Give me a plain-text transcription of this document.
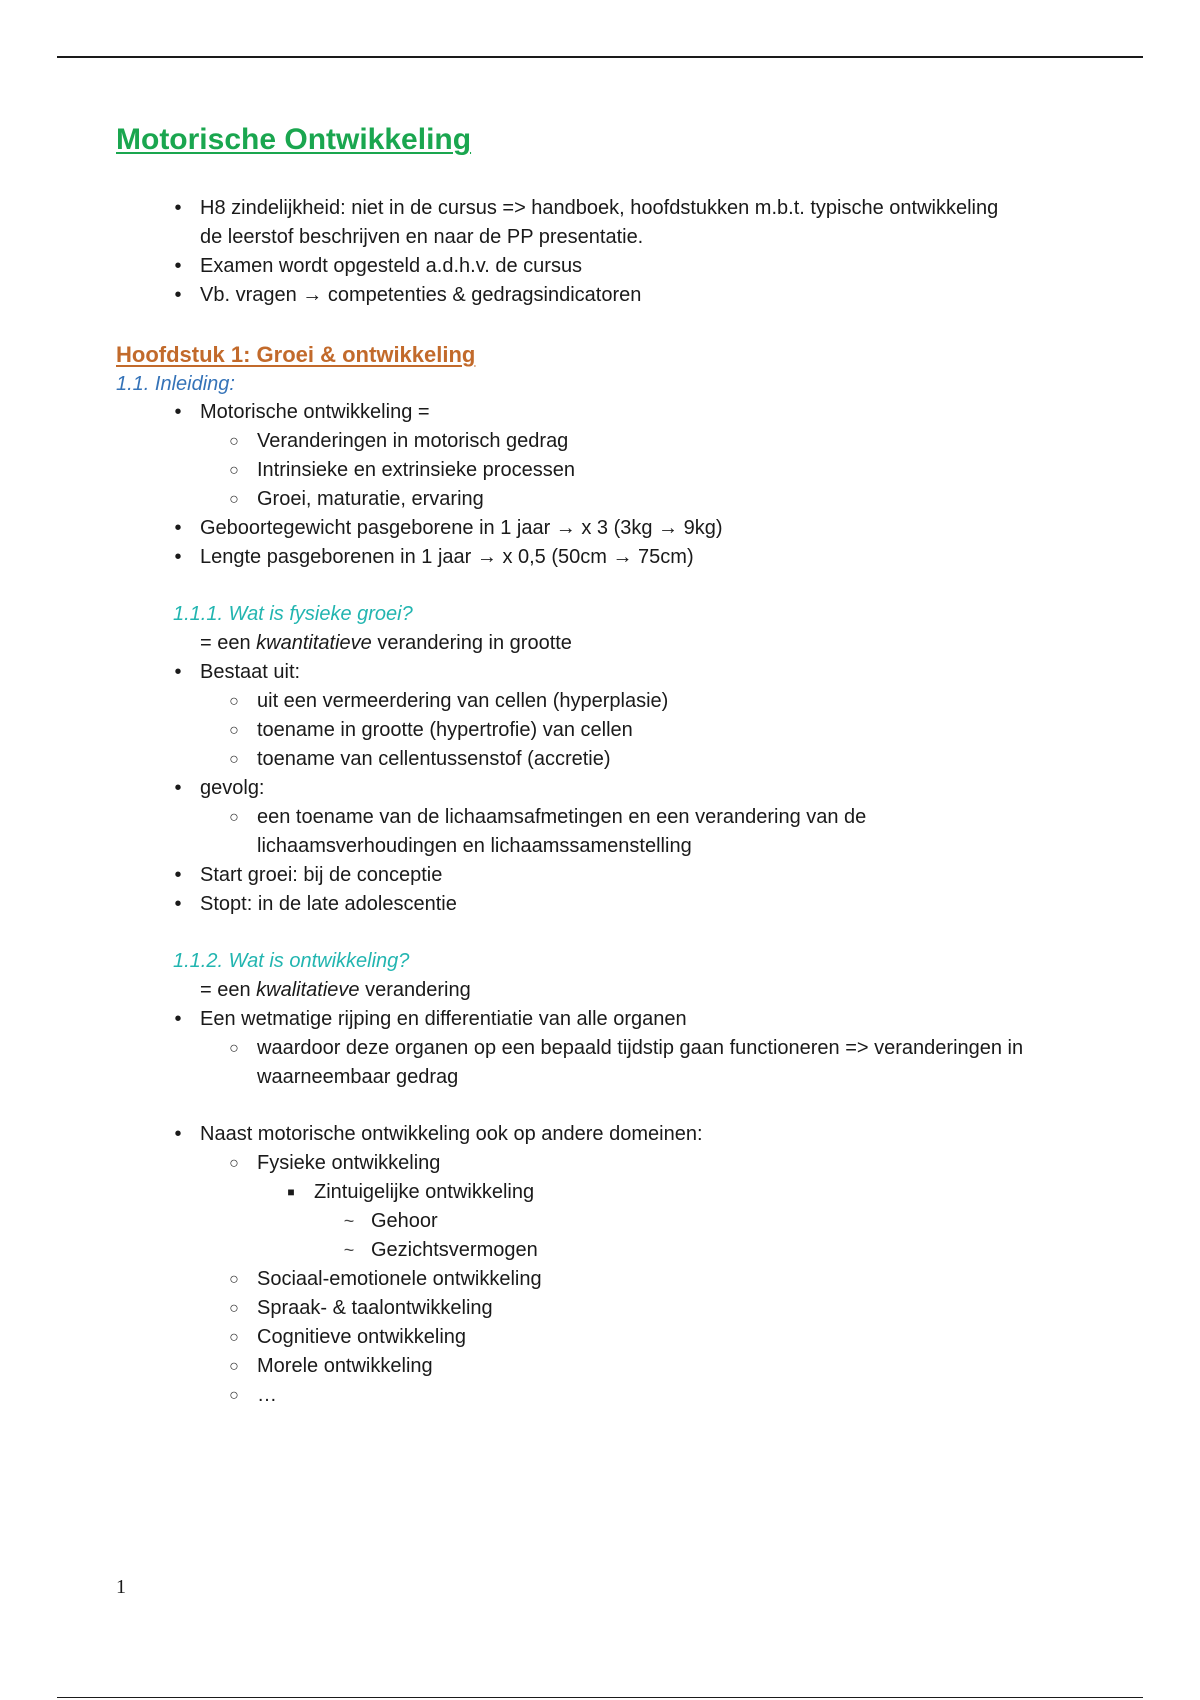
Motorische Ontwikkeling
• H8 zindelijkheid: niet in de cursus => handboek, hoofdstukken m.b.t. typische ontwikkeling de leerstof beschrijven en naar de PP presentatie.
• Examen wordt opgesteld a.d.h.v. de cursus
• Vb. vragen → competenties & gedragsindicatoren
Hoofdstuk 1: Groei & ontwikkeling
1.1. Inleiding:
• Motorische ontwikkeling =
○ Veranderingen in motorisch gedrag
○ Intrinsieke en extrinsieke processen
○ Groei, maturatie, ervaring
• Geboortegewicht pasgeborene in 1 jaar → x 3 (3kg → 9kg)
• Lengte pasgeborenen in 1 jaar → x 0,5 (50cm → 75cm)
1.1.1. Wat is fysieke groei?
= een kwantitatieve verandering in grootte
• Bestaat uit:
○ uit een vermeerdering van cellen (hyperplasie)
○ toename in grootte (hypertrofie) van cellen
○ toename van cellentussenstof (accretie)
• gevolg:
○ een toename van de lichaamsafmetingen en een verandering van de lichaamsverhoudingen en lichaamssamenstelling
• Start groei: bij de conceptie
• Stopt: in de late adolescentie
1.1.2. Wat is ontwikkeling?
= een kwalitatieve verandering
• Een wetmatige rijping en differentiatie van alle organen
○ waardoor deze organen op een bepaald tijdstip gaan functioneren => veranderingen in waarneembaar gedrag
• Naast motorische ontwikkeling ook op andere domeinen:
○ Fysieke ontwikkeling
■ Zintuigelijke ontwikkeling
~ Gehoor
~ Gezichtsvermogen
○ Sociaal-emotionele ontwikkeling
○ Spraak- & taalontwikkeling
○ Cognitieve ontwikkeling
○ Morele ontwikkeling
○ …
1
